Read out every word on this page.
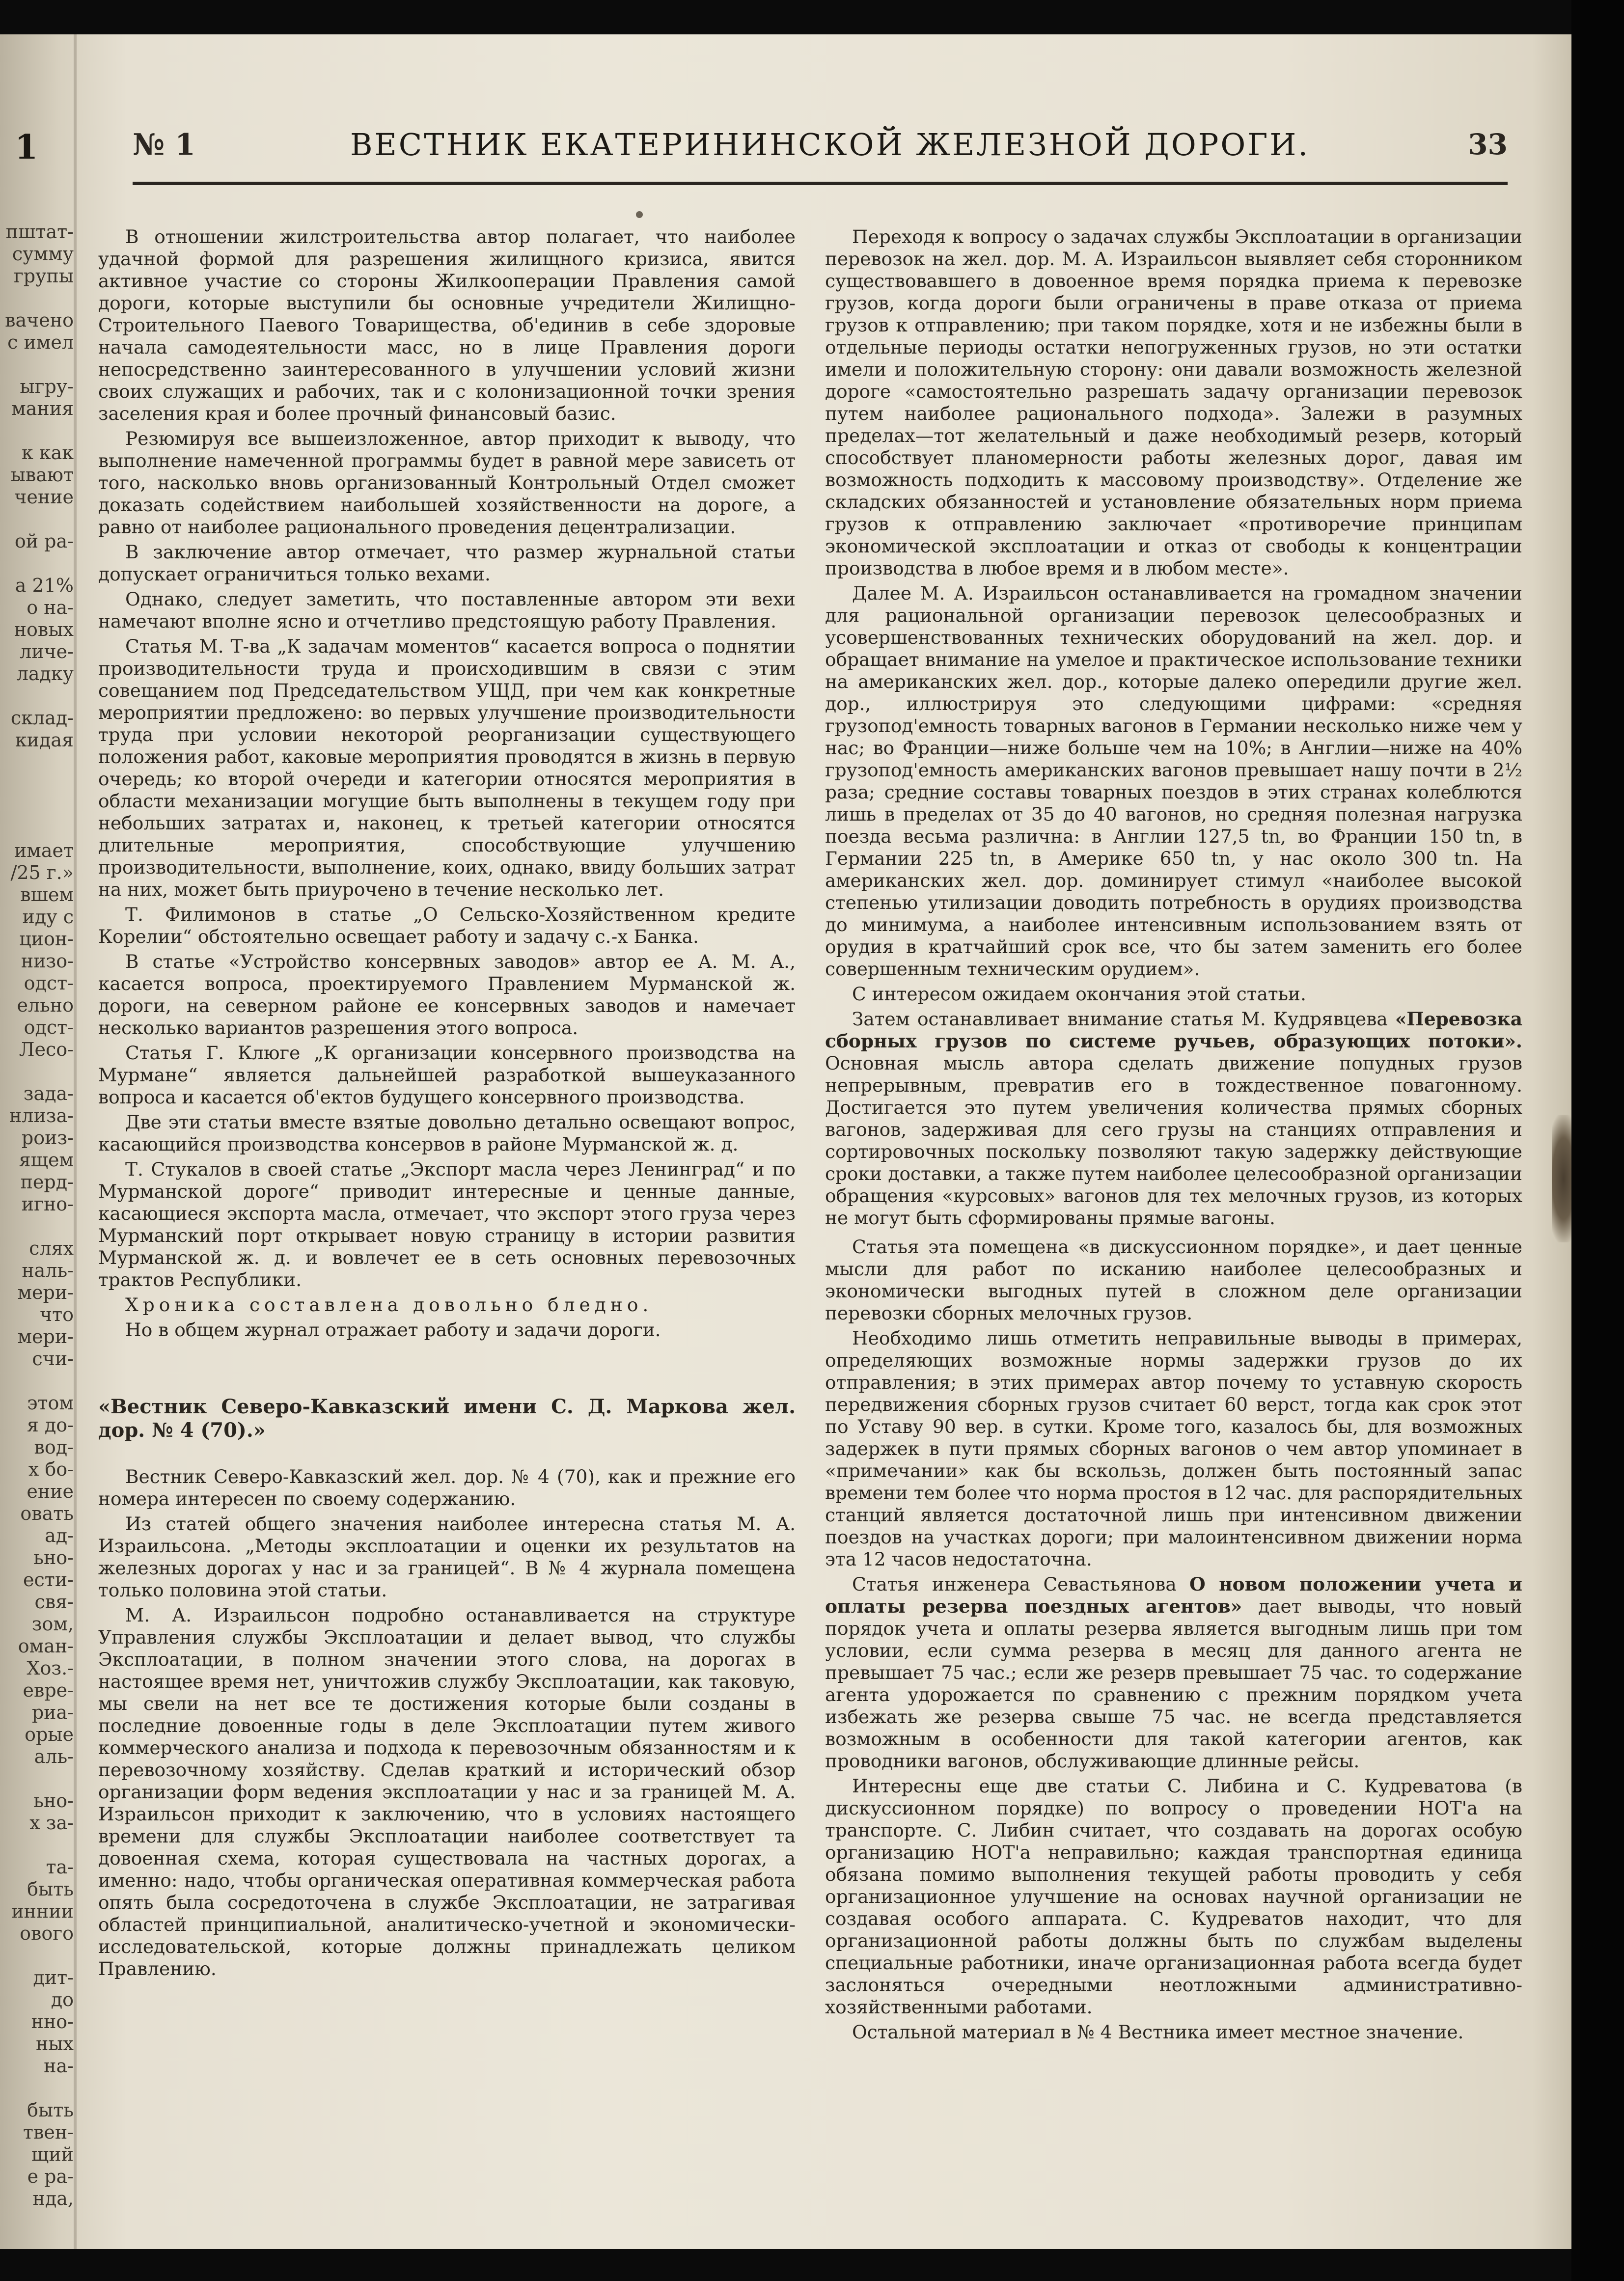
1
пштат-
сумму
групы
вачено
с имел
ыгру-
мания
к как
ывают
чение
ой ра-
а 21%
о на-
новых
личе-
ладку
склад-
кидая
имает
/25 г.»
вшем
иду с
цион-
низо-
одст-
ельно
одст-
Лесо-
зада-
нлиза-
роиз-
ящем
перд-
игно-
слях
наль-
мери-
что
мери-
счи-
этом
я до-
вод-
х бо-
ение
овать
ад-
ьно-
ести-
свя-
зом,
оман-
Хоз.-
евре-
риа-
орые
аль-
ьно-
х за-
та-
быть
иннии
ового
дит-
до
нно-
ных
на-
быть
твен-
щий
е ра-
нда,
№ 1	ВЕСТНИК ЕКАТЕРИНИНСКОЙ ЖЕЛЕЗНОЙ ДОРОГИ.	33

В отношении жилстроительства автор полагает, что наиболее удачной формой для разрешения жилищного кризиса, явится активное участие со стороны Жилкооперации Правления самой дороги, которые выступили бы основные учредители Жилищно-Строительного Паевого Товарищества, об'единив в себе здоровые начала самодеятельности масс, но в лице Правления дороги непосредственно заинтересованного в улучшении условий жизни своих служащих и рабочих, так и с колонизационной точки зрения заселения края и более прочный финансовый базис.

Резюмируя все вышеизложенное, автор приходит к выводу, что выполнение намеченной программы будет в равной мере зависеть от того, насколько вновь организованный Контрольный Отдел сможет доказать содействием наибольшей хозяйственности на дороге, а равно от наиболее рационального проведения децентрализации.

В заключение автор отмечает, что размер журнальной статьи допускает ограничиться только вехами.

Однако, следует заметить, что поставленные автором эти вехи намечают вполне ясно и отчетливо предстоящую работу Правления.

Статья М. Т-ва „К задачам моментов“ касается вопроса о поднятии производительности труда и происходившим в связи с этим совещанием под Председательством УЩД, при чем как конкретные мероприятии предложено: во первых улучшение производительности труда при условии некоторой реорганизации существующего положения работ, каковые мероприятия проводятся в жизнь в первую очередь; ко второй очереди и категории относятся мероприятия в области механизации могущие быть выполнены в текущем году при небольших затратах и, наконец, к третьей категории относятся длительные мероприятия, способствующие улучшению производительности, выполнение, коих, однако, ввиду больших затрат на них, может быть приурочено в течение несколько лет.

Т. Филимонов в статье „О Сельско-Хозяйственном кредите Корелии“ обстоятельно освещает работу и задачу с.-х Банка.

В статье «Устройство консервных заводов» автор ее А. М. А., касается вопроса, проектируемого Правлением Мурманской ж. дороги, на северном районе ее консервных заводов и намечает несколько вариантов разрешения этого вопроса.

Статья Г. Клюге „К организации консервного производства на Мурмане“ является дальнейшей разработкой вышеуказанного вопроса и касается об'ектов будущего консервного производства.

Две эти статьи вместе взятые довольно детально освещают вопрос, касающийся производства консервов в районе Мурманской ж. д.

Т. Стукалов в своей статье „Экспорт масла через Ленинград“ и по Мурманской дороге“ приводит интересные и ценные данные, касающиеся экспорта масла, отмечает, что экспорт этого груза через Мурманский порт открывает новую страницу в истории развития Мурманской ж. д. и вовлечет ее в сеть основных перевозочных трактов Республики.

Хроника составлена довольно бледно.

Но в общем журнал отражает работу и задачи дороги.

«Вестник Северо-Кавказский имени С. Д. Маркова жел. дор. № 4 (70).»

Вестник Северо-Кавказский жел. дор. № 4 (70), как и прежние его номера интересен по своему содержанию.

Из статей общего значения наиболее интересна статья М. А. Израильсона. „Методы эксплоатации и оценки их результатов на железных дорогах у нас и за границей“. В № 4 журнала помещена только половина этой статьи.

М. А. Израильсон подробно останавливается на структуре Управления службы Эксплоатации и делает вывод, что службы Эксплоатации, в полном значении этого слова, на дорогах в настоящее время нет, уничтожив службу Эксплоатации, как таковую, мы свели на нет все те достижения которые были созданы в последние довоенные годы в деле Эксплоатации путем живого коммерческого анализа и подхода к перевозочным обязанностям и к перевозочному хозяйству. Сделав краткий и исторический обзор организации форм ведения эксплоатации у нас и за границей М. А. Израильсон приходит к заключению, что в условиях настоящего времени для службы Эксплоатации наиболее соответствует та довоенная схема, которая существовала на частных дорогах, а именно: надо, чтобы органическая оперативная коммерческая работа опять была сосредоточена в службе Эксплоатации, не затрагивая областей принципиальной, аналитическо-учетной и экономически-исследовательской, которые должны принадлежать целиком Правлению.

Переходя к вопросу о задачах службы Эксплоатации в организации перевозок на жел. дор. М. А. Израильсон выявляет себя сторонником существовавшего в довоенное время порядка приема к перевозке грузов, когда дороги были ограничены в праве отказа от приема грузов к отправлению; при таком порядке, хотя и не избежны были в отдельные периоды остатки непогруженных грузов, но эти остатки имели и положительную сторону: они давали возможность железной дороге «самостоятельно разрешать задачу организации перевозок путем наиболее рационального подхода». Залежи в разумных пределах—тот желательный и даже необходимый резерв, который способствует планомерности работы железных дорог, давая им возможность подходить к массовому производству». Отделение же складских обязанностей и установление обязательных норм приема грузов к отправлению заключает «противоречие принципам экономической эксплоатации и отказ от свободы к концентрации производства в любое время и в любом месте».

Далее М. А. Израильсон останавливается на громадном значении для рациональной организации перевозок целесообразных и усовершенствованных технических оборудований на жел. дор. и обращает внимание на умелое и практическое использование техники на американских жел. дор., которые далеко опередили другие жел. дор., иллюстрируя это следующими цифрами: «средняя грузопод'емность товарных вагонов в Германии несколько ниже чем у нас; во Франции—ниже больше чем на 10%; в Англии—ниже на 40% грузопод'емность американских вагонов превышает нашу почти в 2½ раза; средние составы товарных поездов в этих странах колеблются лишь в пределах от 35 до 40 вагонов, но средняя полезная нагрузка поезда весьма различна: в Англии 127,5 tn, во Франции 150 tn, в Германии 225 tn, в Америке 650 tn, у нас около 300 tn. На американских жел. дор. доминирует стимул «наиболее высокой степенью утилизации доводить потребность в орудиях производства до минимума, а наиболее интенсивным использованием взять от орудия в кратчайший срок все, что бы затем заменить его более совершенным техническим орудием».

С интересом ожидаем окончания этой статьи.

Затем останавливает внимание статья М. Кудрявцева «Перевозка сборных грузов по системе ручьев, образующих потоки». Основная мысль автора сделать движение попудных грузов непрерывным, превратив его в тождественное повагонному. Достигается это путем увеличения количества прямых сборных вагонов, задерживая для сего грузы на станциях отправления и сортировочных поскольку позволяют такую задержку действующие сроки доставки, а также путем наиболее целесообразной организации обращения «курсовых» вагонов для тех мелочных грузов, из которых не могут быть сформированы прямые вагоны.

Статья эта помещена «в дискуссионном порядке», и дает ценные мысли для работ по исканию наиболее целесообразных и экономически выгодных путей в сложном деле организации перевозки сборных мелочных грузов.

Необходимо лишь отметить неправильные выводы в примерах, определяющих возможные нормы задержки грузов до их отправления; в этих примерах автор почему то уставную скорость передвижения сборных грузов считает 60 верст, тогда как срок этот по Уставу 90 вер. в сутки. Кроме того, казалось бы, для возможных задержек в пути прямых сборных вагонов о чем автор упоминает в «примечании» как бы вскользь, должен быть постоянный запас времени тем более что норма простоя в 12 час. для распорядительных станций является достаточной лишь при интенсивном движении поездов на участках дороги; при малоинтенсивном движении норма эта 12 часов недостаточна.

Статья инженера Севастьянова О новом положении учета и оплаты резерва поездных агентов» дает выводы, что новый порядок учета и оплаты резерва является выгодным лишь при том условии, если сумма резерва в месяц для данного агента не превышает 75 час.; если же резерв превышает 75 час. то содержание агента удорожается по сравнению с прежним порядком учета избежать же резерва свыше 75 час. не всегда представляется возможным в особенности для такой категории агентов, как проводники вагонов, обслуживающие длинные рейсы.

Интересны еще две статьи С. Либина и С. Кудреватова (в дискуссионном порядке) по вопросу о проведении НОТ'а на транспорте. С. Либин считает, что создавать на дорогах особую организацию НОТ'а неправильно; каждая транспортная единица обязана помимо выполнения текущей работы проводить у себя организационное улучшение на основах научной организации не создавая особого аппарата. С. Кудреватов находит, что для организационной работы должны быть по службам выделены специальные работники, иначе организационная работа всегда будет заслоняться очередными неотложными административно-хозяйственными работами.

Остальной материал в № 4 Вестника имеет местное значение.
